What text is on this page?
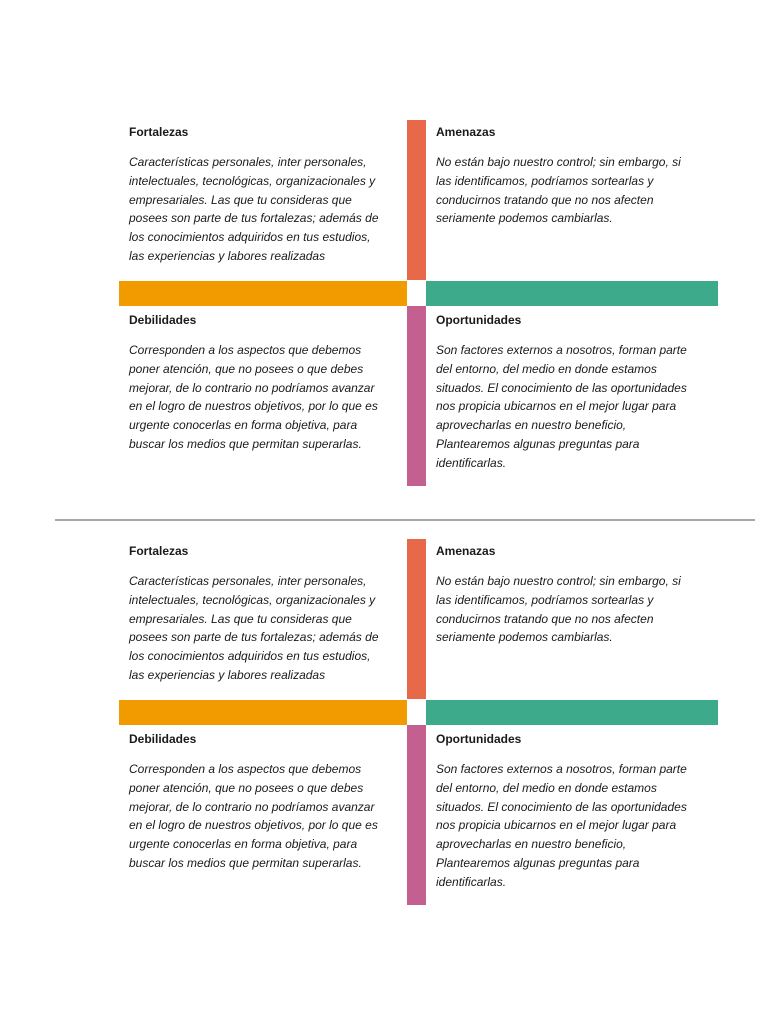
Fortalezas

Características personales, inter personales,
intelectuales, tecnológicas, organizacionales y
empresariales. Las que tu consideras que
posees son parte de tus fortalezas; además de
los conocimientos adquiridos en tus estudios,
las experiencias y labores realizadas

Amenazas

No están bajo nuestro control; sin embargo, si
las identificamos, podríamos sortearlas y
conducirnos tratando que no nos afecten
seriamente podemos cambiarlas.

Debilidades

Corresponden a los aspectos que debemos
poner atención, que no posees o que debes
mejorar, de lo contrario no podríamos avanzar
en el logro de nuestros objetivos, por lo que es
urgente conocerlas en forma objetiva, para
buscar los medios que permitan superarlas.

Oportunidades

Son factores externos a nosotros, forman parte
del entorno, del medio en donde estamos
situados. El conocimiento de las oportunidades
nos propicia ubicarnos en el mejor lugar para
aprovecharlas en nuestro beneficio,
Plantearemos algunas preguntas para
identificarlas.

Fortalezas

Características personales, inter personales,
intelectuales, tecnológicas, organizacionales y
empresariales. Las que tu consideras que
posees son parte de tus fortalezas; además de
los conocimientos adquiridos en tus estudios,
las experiencias y labores realizadas

Amenazas

No están bajo nuestro control; sin embargo, si
las identificamos, podríamos sortearlas y
conducirnos tratando que no nos afecten
seriamente podemos cambiarlas.

Debilidades

Corresponden a los aspectos que debemos
poner atención, que no posees o que debes
mejorar, de lo contrario no podríamos avanzar
en el logro de nuestros objetivos, por lo que es
urgente conocerlas en forma objetiva, para
buscar los medios que permitan superarlas.

Oportunidades

Son factores externos a nosotros, forman parte
del entorno, del medio en donde estamos
situados. El conocimiento de las oportunidades
nos propicia ubicarnos en el mejor lugar para
aprovecharlas en nuestro beneficio,
Plantearemos algunas preguntas para
identificarlas.
